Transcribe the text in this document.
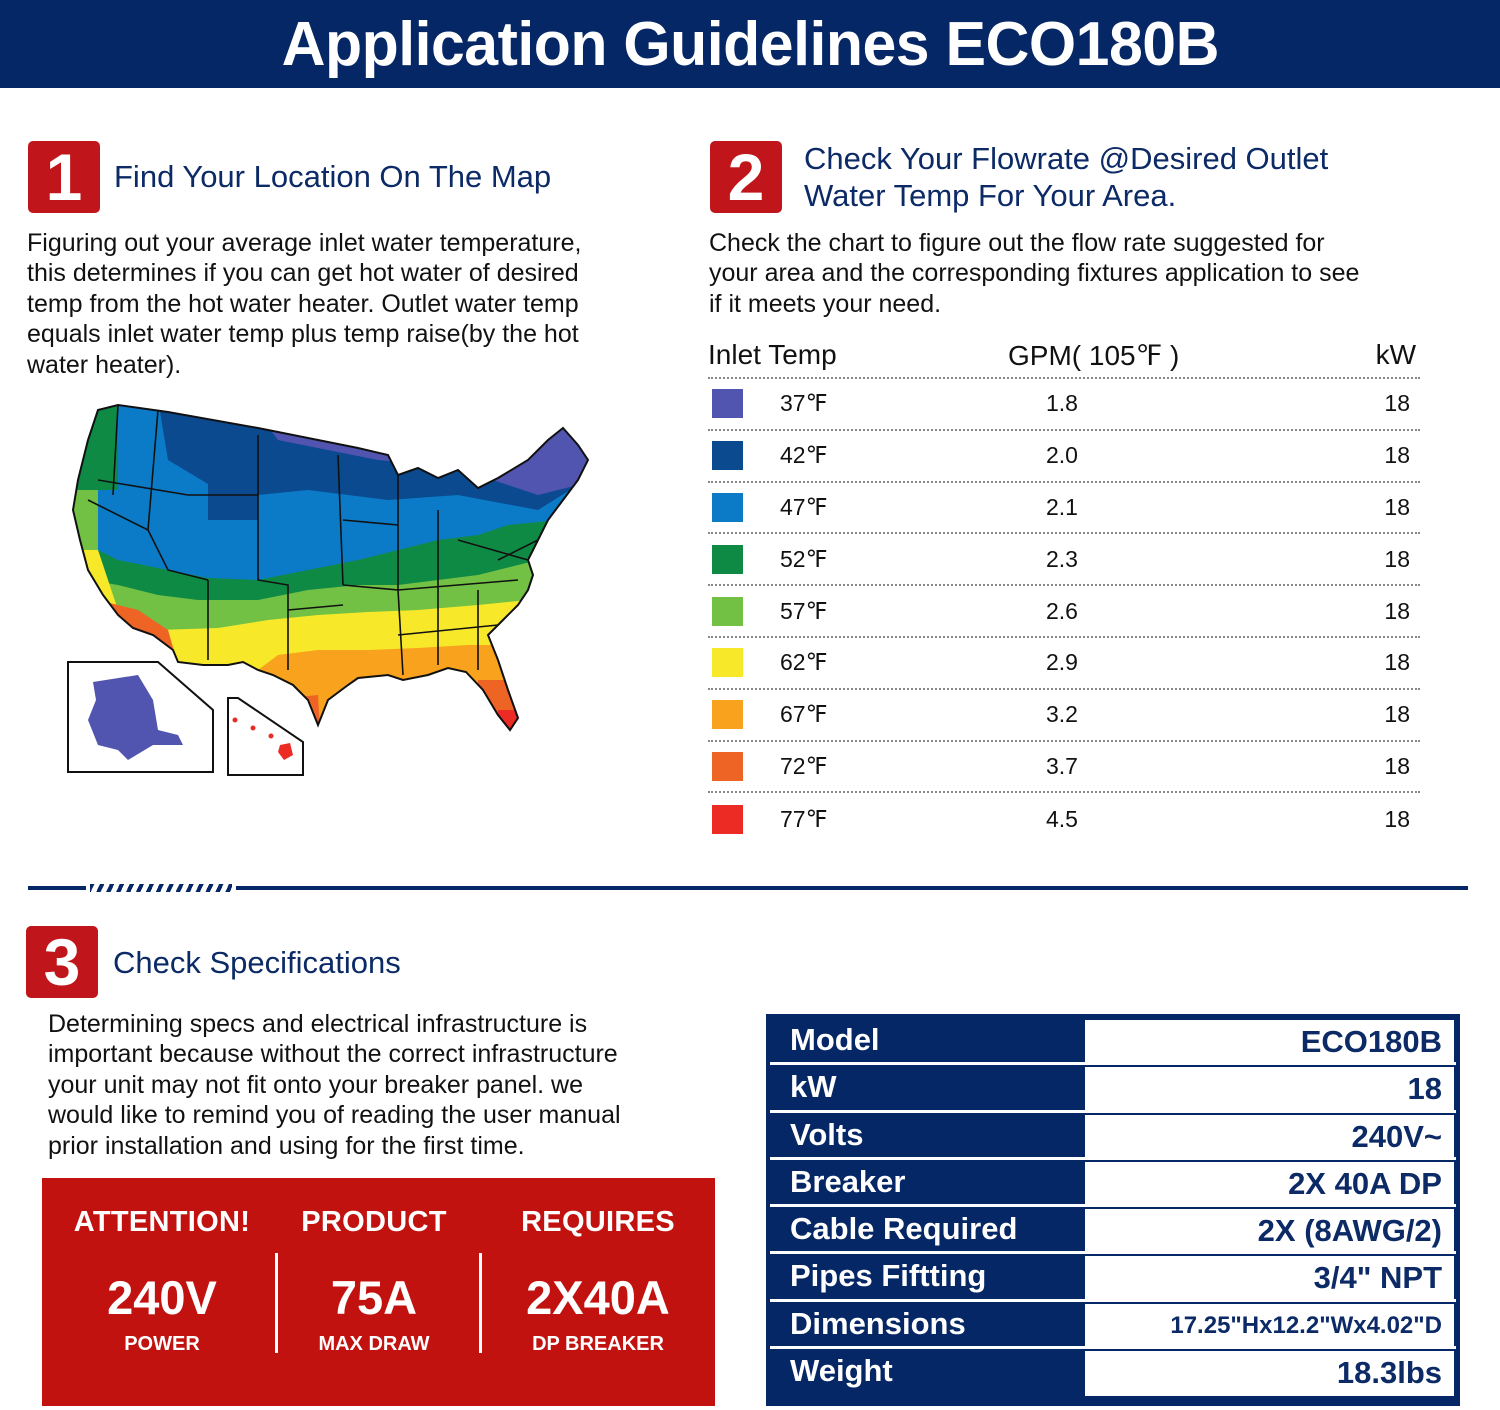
Application Guidelines ECO180B
1	Find Your Location On The Map
Figuring out your average inlet water temperature,
this determines if you can get hot water of desired
temp from the hot water heater. Outlet water temp
equals inlet water temp plus temp raise(by the hot
water heater).
2	Check Your Flowrate @Desired Outlet
Water Temp For Your Area.
Check the chart to figure out the flow rate suggested for
your area and the corresponding fixtures application to see
if it meets your need.
Inlet Temp	GPM( 105℉ )	kW
37℉	1.8	18
42℉	2.0	18
47℉	2.1	18
52℉	2.3	18
57℉	2.6	18
62℉	2.9	18
67℉	3.2	18
72℉	3.7	18
77℉	4.5	18
3	Check Specifications
Determining specs and electrical infrastructure is
important because without the correct infrastructure
your unit may not fit onto your breaker panel. we
would like to remind you of reading the user manual
prior installation and using for the first time.
ATTENTION!
240V
POWER
PRODUCT
75A
MAX DRAW
REQUIRES
2X40A
DP BREAKER
Model	ECO180B
kW	18
Volts	240V~
Breaker	2X 40A DP
Cable Required	2X (8AWG/2)
Pipes Fiftting	3/4" NPT
Dimensions	17.25"Hx12.2"Wx4.02"D
Weight	18.3lbs
